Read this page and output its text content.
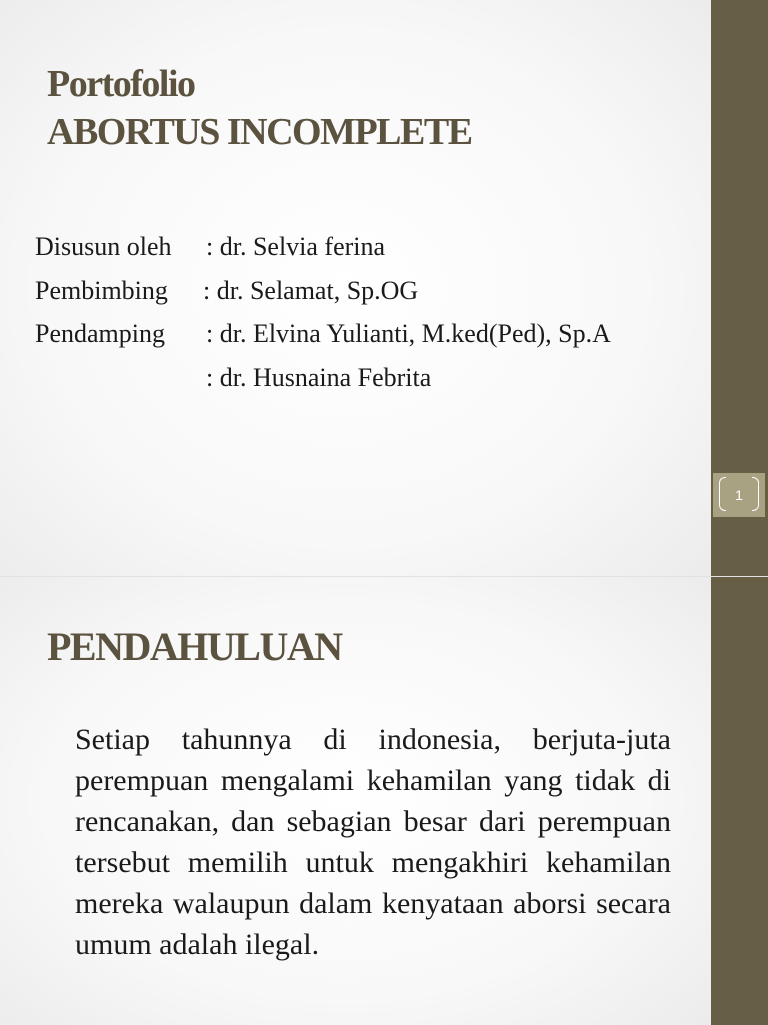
Portofolio
ABORTUS INCOMPLETE
Disusun oleh : dr. Selvia ferina
Pembimbing : dr. Selamat, Sp.OG
Pendamping : dr. Elvina Yulianti, M.ked(Ped), Sp.A
: dr. Husnaina Febrita
1
PENDAHULUAN

Setiap tahunnya di indonesia, berjuta-juta perempuan mengalami kehamilan yang tidak di rencanakan, dan sebagian besar dari perempuan tersebut memilih untuk mengakhiri kehamilan mereka walaupun dalam kenyataan aborsi secara umum adalah ilegal.
